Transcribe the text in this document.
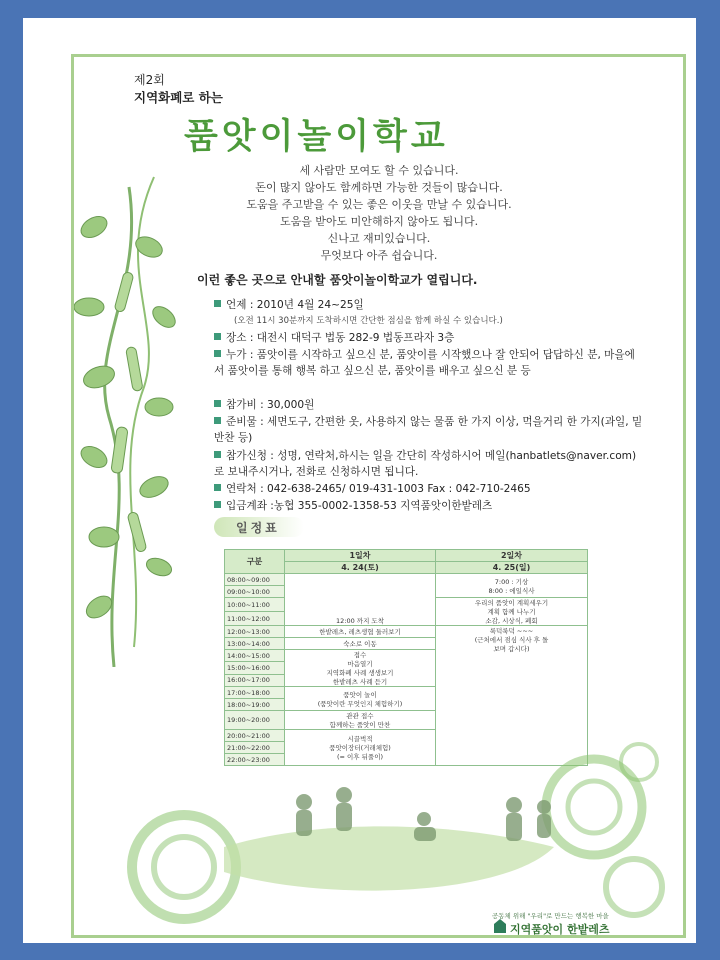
제2회
지역화폐로 하는
품앗이놀이학교
세 사람만 모여도 할 수 있습니다.
돈이 많지 않아도 함께하면 가능한 것들이 많습니다.
도움을 주고받을 수 있는 좋은 이웃을 만날 수 있습니다.
도움을 받아도 미안해하지 않아도 됩니다.
신나고 재미있습니다.
무엇보다 아주 쉽습니다.
이런 좋은 곳으로 안내할 품앗이놀이학교가 열립니다.
언제 : 2010년 4월 24~25일
(오전 11시 30분까지 도착하시면 간단한 점심을 함께 하실 수 있습니다.)
장소 : 대전시 대덕구 법동 282-9 법동프라자 3층
누가 : 품앗이를 시작하고 싶으신 분, 품앗이를 시작했으나 잘 안되어 답답하신 분, 마을에서 품앗이를 통해 행복 하고 싶으신 분, 품앗이를 배우고 싶으신 분 등
참가비 : 30,000원
준비물 : 세면도구, 간편한 옷, 사용하지 않는 물품 한 가지 이상, 먹을거리 한 가지(과일, 밑반찬 등)
참가신청 : 성명, 연락처,하시는 일을 간단히 작성하시어 메일(hanbatlets@naver.com)로 보내주시거나, 전화로 신청하시면 됩니다.
연락처 : 042-638-2465/ 019-431-1003 Fax : 042-710-2465
입금계좌 :농협 355-0002-1358-53 지역품앗이한밭레츠
일정표
구분	1일차	2일차
	4. 24(토)	4. 25(일)
08:00~09:00	12:00 까지 도착	7:00 : 기상
8:00 : 에일식사
09:00~10:00		
10:00~11:00		우리의 품앗이 계획세우기
계획 함께 나누기
소감, 시상식, 폐회
11:00~12:00		
12:00~13:00	한밭레츠, 레츠생협 둘러보기	룩덕룩덕 ~~~
(근처에서 점심 식사 후 돌
보며 갑시다)
13:00~14:00	숙소로 이동	
14:00~15:00	접수
마음열기
지역화폐 사례 생생보기
한밭레츠 사례 듣기	
15:00~16:00		
16:00~17:00		
17:00~18:00	품앗이 놀이
(품앗이란 무엇인지 체험하기)	
18:00~19:00		
19:00~20:00	관관 접수
함께하는 품앗이 만찬	
20:00~21:00	시끌벅적
품앗이장터(거래체험)
(= 이후 뒤풀이)	
21:00~22:00		
22:00~23:00		
공동체 위해 "우리"로 만드는 행복한 마을
지역품앗이 한밭레츠
